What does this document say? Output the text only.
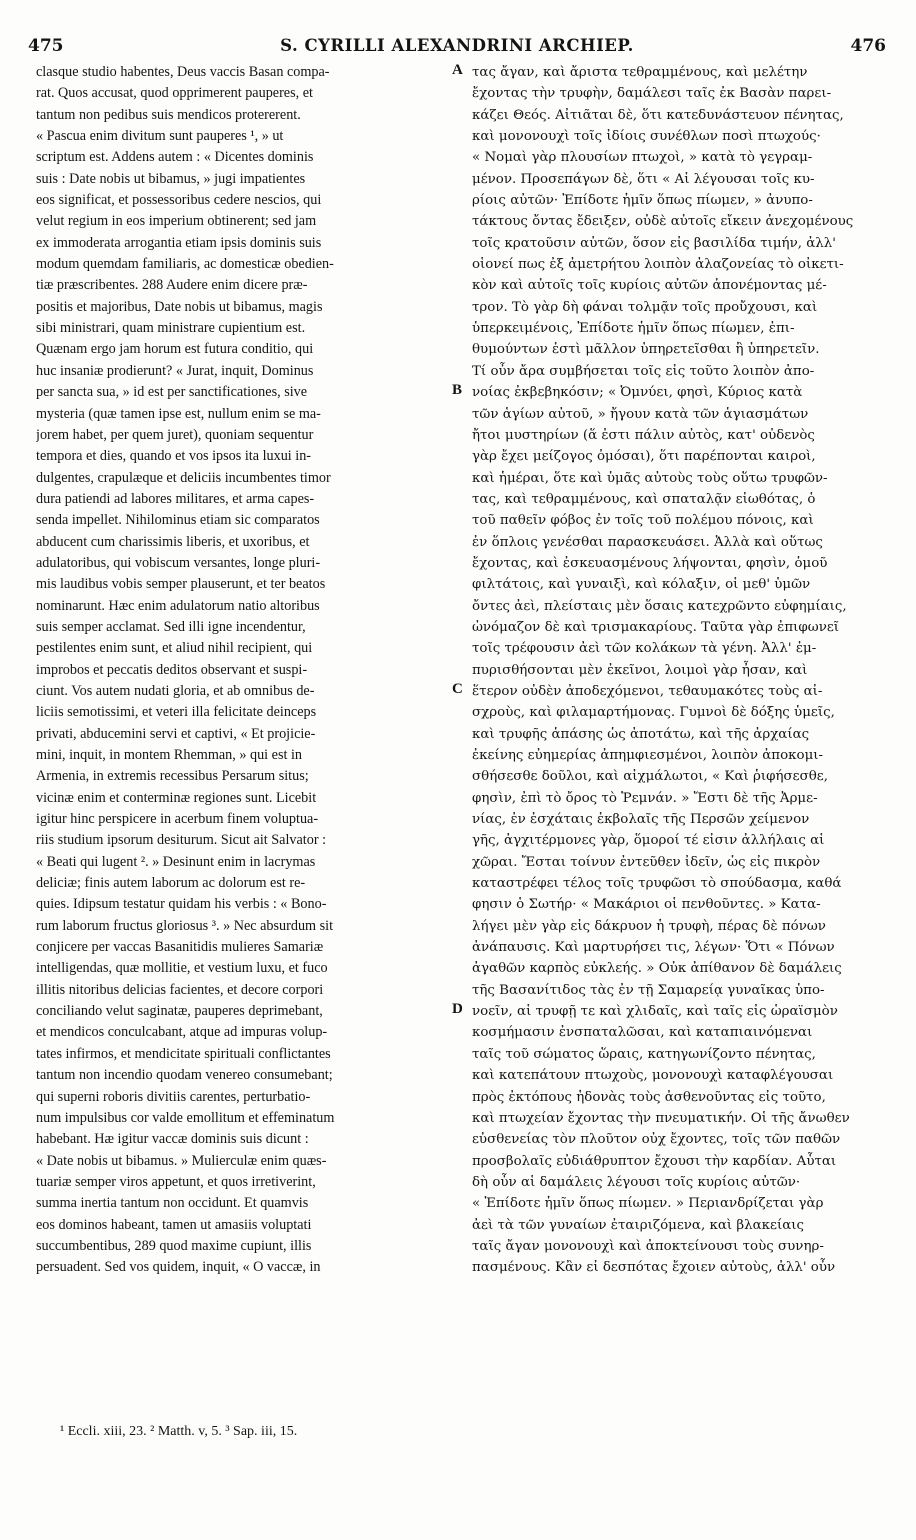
475	S. CYRILLI ALEXANDRINI ARCHIEP.	476
clasque studio habentes, Deus vaccis Basan compa-
rat. Quos accusat, quod opprimerent pauperes, et
tantum non pedibus suis mendicos protererent.
« Pascua enim divitum sunt pauperes ¹, » ut
scriptum est. Addens autem : « Dicentes dominis
suis : Date nobis ut bibamus, » jugi impatientes
eos significat, et possessoribus cedere nescios, qui
velut regium in eos imperium obtinerent; sed jam
ex immoderata arrogantia etiam ipsis dominis suis
modum quemdam familiaris, ac domesticæ obedien-
tiæ præscribentes. 288 Audere enim dicere præ-
positis et majoribus, Date nobis ut bibamus, magis
sibi ministrari, quam ministrare cupientium est.
Quænam ergo jam horum est futura conditio, qui
huc insaniæ prodierunt? « Jurat, inquit, Dominus
per sancta sua, » id est per sanctificationes, sive
mysteria (quæ tamen ipse est, nullum enim se ma-
jorem habet, per quem juret), quoniam sequentur
tempora et dies, quando et vos ipsos ita luxui in-
dulgentes, crapulæque et deliciis incumbentes timor
dura patiendi ad labores militares, et arma capes-
senda impellet. Nihilominus etiam sic comparatos
abducent cum charissimis liberis, et uxoribus, et
adulatoribus, qui vobiscum versantes, longe pluri-
mis laudibus vobis semper plauserunt, et ter beatos
nominarunt. Hæc enim adulatorum natio altoribus
suis semper acclamat. Sed illi igne incendentur,
pestilentes enim sunt, et aliud nihil recipient, qui
improbos et peccatis deditos observant et suspi-
ciunt. Vos autem nudati gloria, et ab omnibus de-
liciis semotissimi, et veteri illa felicitate deinceps
privati, abducemini servi et captivi, « Et projicie-
mini, inquit, in montem Rhemman, » qui est in
Armenia, in extremis recessibus Persarum situs;
vicinæ enim et conterminæ regiones sunt. Licebit
igitur hinc perspicere in acerbum finem voluptua-
riis studium ipsorum desiturum. Sicut ait Salvator :
« Beati qui lugent ². » Desinunt enim in lacrymas
deliciæ; finis autem laborum ac dolorum est re-
quies. Idipsum testatur quidam his verbis : « Bono-
rum laborum fructus gloriosus ³. » Nec absurdum sit
conjicere per vaccas Basanitidis mulieres Samariæ
intelligendas, quæ mollitie, et vestium luxu, et fuco
illitis nitoribus delicias facientes, et decore corpori
conciliando velut saginatæ, pauperes deprimebant,
et mendicos conculcabant, atque ad impuras volup-
tates infirmos, et mendicitate spirituali conflictantes
tantum non incendio quodam venereo consumebant;
qui superni roboris divitiis carentes, perturbatio-
num impulsibus cor valde emollitum et effeminatum
habebant. Hæ igitur vaccæ dominis suis dicunt :
« Date nobis ut bibamus. » Mulierculæ enim quæs-
tuariæ semper viros appetunt, et quos irretiverint,
summa inertia tantum non occidunt. Et quamvis
eos dominos habeant, tamen ut amasiis voluptati
succumbentibus, 289 quod maxime cupiunt, illis
persuadent. Sed vos quidem, inquit, « O vaccæ, in
A
B
C
D
τας ἄγαν, καὶ ἄριστα τεθραμμένους, καὶ μελέτην
ἔχοντας τὴν τρυφὴν, δαμάλεσι ταῖς ἐκ Βασὰν παρει-
κάζει Θεός. Αἰτιᾶται δὲ, ὅτι κατεδυνάστευον πένητας,
καὶ μονονουχὶ τοῖς ἰδίοις συνέθλων ποσὶ πτωχούς·
« Νομαὶ γὰρ πλουσίων πτωχοὶ, » κατὰ τὸ γεγραμ-
μένον. Προσεπάγων δὲ, ὅτι « Αἱ λέγουσαι τοῖς κυ-
ρίοις αὐτῶν· Ἐπίδοτε ἡμῖν ὅπως πίωμεν, » ἀνυπο-
τάκτους ὄντας ἔδειξεν, οὐδὲ αὐτοῖς εἴκειν ἀνεχομένους
τοῖς κρατοῦσιν αὐτῶν, ὅσον εἰς βασιλίδα τιμήν, ἀλλ'
οἱονεί πως ἐξ ἀμετρήτου λοιπὸν ἀλαζονείας τὸ οἰκετι-
κὸν καὶ αὐτοῖς τοῖς κυρίοις αὐτῶν ἀπονέμοντας μέ-
τρον. Τὸ γὰρ δὴ φάναι τολμᾷν τοῖς προὔχουσι, καὶ
ὑπερκειμένοις, Ἐπίδοτε ἡμῖν ὅπως πίωμεν, ἐπι-
θυμούντων ἐστὶ μᾶλλον ὑπηρετεῖσθαι ἢ ὑπηρετεῖν.
Τί οὖν ἄρα συμβήσεται τοῖς εἰς τοῦτο λοιπὸν ἀπο-
νοίας ἐκβεβηκόσιν; « Ὀμνύει, φησὶ, Κύριος κατὰ
τῶν ἁγίων αὐτοῦ, » ἤγουν κατὰ τῶν ἁγιασμάτων
ἤτοι μυστηρίων (ἅ ἐστι πάλιν αὐτὸς, κατ' οὐδενὸς
γὰρ ἔχει μείζογος ὀμόσαι), ὅτι παρέπονται καιροὶ,
καὶ ἡμέραι, ὅτε καὶ ὑμᾶς αὐτοὺς τοὺς οὕτω τρυφῶν-
τας, καὶ τεθραμμένους, καὶ σπαταλᾷν εἰωθότας, ὁ
τοῦ παθεῖν φόβος ἐν τοῖς τοῦ πολέμου πόνοις, καὶ
ἐν ὅπλοις γενέσθαι παρασκευάσει. Ἀλλὰ καὶ οὕτως
ἔχοντας, καὶ ἐσκευασμένους λήψονται, φησὶν, ὁμοῦ
φιλτάτοις, καὶ γυναιξὶ, καὶ κόλαξιν, οἱ μεθ' ὑμῶν
ὄντες ἀεὶ, πλείσταις μὲν ὅσαις κατεχρῶντο εὐφημίαις,
ὠνόμαζον δὲ καὶ τρισμακαρίους. Ταῦτα γὰρ ἐπιφωνεῖ
τοῖς τρέφουσιν ἀεὶ τῶν κολάκων τὰ γένη. Ἀλλ' ἐμ-
πυρισθήσονται μὲν ἐκεῖνοι, λοιμοὶ γὰρ ἦσαν, καὶ
ἕτερον οὐδὲν ἀποδεχόμενοι, τεθαυμακότες τοὺς αἰ-
σχροὺς, καὶ φιλαμαρτήμονας. Γυμνοὶ δὲ δόξης ὑμεῖς,
καὶ τρυφῆς ἁπάσης ὡς ἀποτάτω, καὶ τῆς ἀρχαίας
ἐκείνης εὐημερίας ἀπημφιεσμένοι, λοιπὸν ἀποκομι-
σθήσεσθε δοῦλοι, καὶ αἰχμάλωτοι, « Καὶ ῥιφήσεσθε,
φησὶν, ἐπὶ τὸ ὄρος τὸ Ῥεμνάν. » Ἔστι δὲ τῆς Ἀρμε-
νίας, ἐν ἐσχάταις ἐκβολαῖς τῆς Περσῶν χείμενον
γῆς, ἀγχιτέρμονες γὰρ, ὅμοροί τέ εἰσιν ἀλλήλαις αἱ
χῶραι. Ἔσται τοίνυν ἐντεῦθεν ἰδεῖν, ὡς εἰς πικρὸν
καταστρέφει τέλος τοῖς τρυφῶσι τὸ σπούδασμα, καθά
φησιν ὁ Σωτήρ· « Μακάριοι οἱ πενθοῦντες. » Κατα-
λήγει μὲν γὰρ εἰς δάκρυον ἡ τρυφὴ, πέρας δὲ πόνων
ἀνάπαυσις. Καὶ μαρτυρήσει τις, λέγων· Ὅτι « Πόνων
ἀγαθῶν καρπὸς εὐκλεής. » Οὐκ ἀπίθανον δὲ δαμάλεις
τῆς Βασανίτιδος τὰς ἐν τῇ Σαμαρείᾳ γυναῖκας ὑπο-
νοεῖν, αἱ τρυφῇ τε καὶ χλιδαῖς, καὶ ταῖς εἰς ὡραϊσμὸν
κοσμήμασιν ἐνσπαταλῶσαι, καὶ καταπιαινόμεναι
ταῖς τοῦ σώματος ὥραις, κατηγωνίζοντο πένητας,
καὶ κατεπάτουν πτωχοὺς, μονονουχὶ καταφλέγουσαι
πρὸς ἐκτόπους ἡδονὰς τοὺς ἀσθενοῦντας εἰς τοῦτο,
καὶ πτωχείαν ἔχοντας τὴν πνευματικήν. Οἱ τῆς ἄνωθεν
εὐσθενείας τὸν πλοῦτον οὐχ ἔχοντες, τοῖς τῶν παθῶν
προσβολαῖς εὐδιάθρυπτον ἔχουσι τὴν καρδίαν. Αὗται
δὴ οὖν αἱ δαμάλεις λέγουσι τοῖς κυρίοις αὐτῶν·
« Ἐπίδοτε ἡμῖν ὅπως πίωμεν. » Περιανδρίζεται γὰρ
ἀεὶ τὰ τῶν γυναίων ἐταιριζόμενα, καὶ βλακείαις
ταῖς ἄγαν μονονουχὶ καὶ ἀποκτείνουσι τοὺς συνηρ-
πασμένους. Κἂν εἰ δεσπότας ἔχοιεν αὐτοὺς, ἀλλ' οὖν
¹ Eccli. xiii, 23. ² Matth. v, 5. ³ Sap. iii, 15.
